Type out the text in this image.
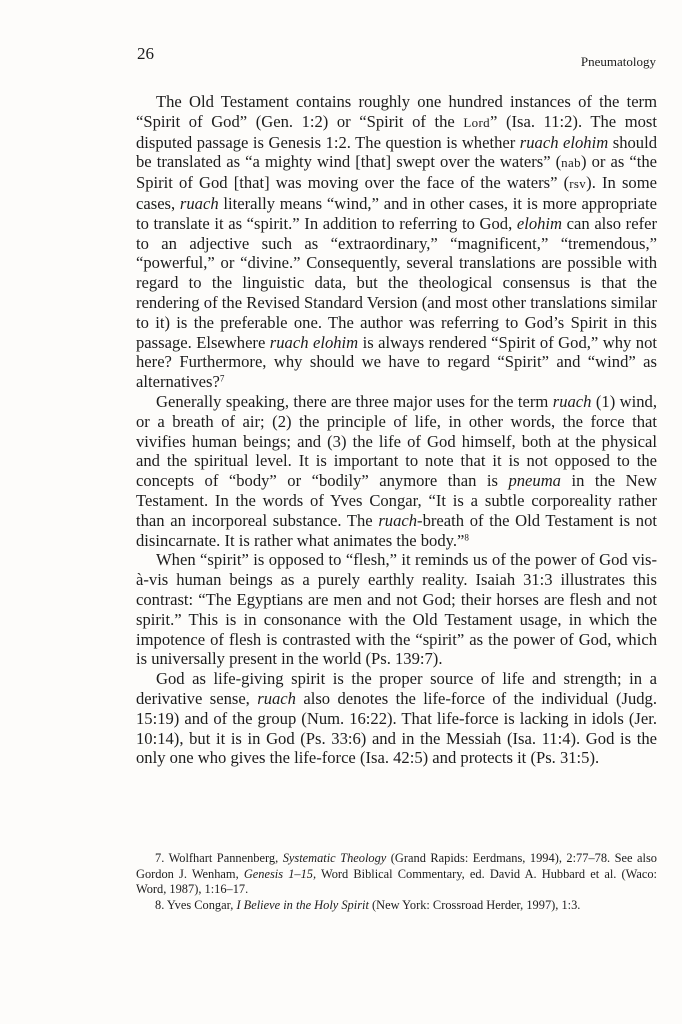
26	Pneumatology

The Old Testament contains roughly one hundred instances of the term “Spirit of God” (Gen. 1:2) or “Spirit of the Lord” (Isa. 11:2). The most disputed passage is Genesis 1:2. The question is whether ruach elohim should be translated as “a mighty wind [that] swept over the waters” (nab) or as “the Spirit of God [that] was moving over the face of the waters” (rsv). In some cases, ruach literally means “wind,” and in other cases, it is more appropriate to translate it as “spirit.” In addition to referring to God, elohim can also refer to an adjective such as “extraordinary,” “magnificent,” “tremendous,” “powerful,” or “divine.” Consequently, several translations are possible with regard to the linguistic data, but the theological consensus is that the rendering of the Revised Standard Version (and most other translations similar to it) is the preferable one. The author was referring to God’s Spirit in this passage. Elsewhere ruach elohim is always rendered “Spirit of God,” why not here? Furthermore, why should we have to regard “Spirit” and “wind” as alternatives?$^7$

Generally speaking, there are three major uses for the term ruach (1) wind, or a breath of air; (2) the principle of life, in other words, the force that vivifies human beings; and (3) the life of God himself, both at the physical and the spiritual level. It is important to note that it is not opposed to the concepts of “body” or “bodily” anymore than is pneuma in the New Testament. In the words of Yves Congar, “It is a subtle corporeality rather than an incorporeal substance. The ruach-breath of the Old Testament is not disincarnate. It is rather what animates the body.”$^8$

When “spirit” is opposed to “flesh,” it reminds us of the power of God vis-à-vis human beings as a purely earthly reality. Isaiah 31:3 illustrates this contrast: “The Egyptians are men and not God; their horses are flesh and not spirit.” This is in consonance with the Old Testament usage, in which the impotence of flesh is contrasted with the “spirit” as the power of God, which is universally present in the world (Ps. 139:7).

God as life-giving spirit is the proper source of life and strength; in a derivative sense, ruach also denotes the life-force of the individual (Judg. 15:19) and of the group (Num. 16:22). That life-force is lacking in idols (Jer. 10:14), but it is in God (Ps. 33:6) and in the Messiah (Isa. 11:4). God is the only one who gives the life-force (Isa. 42:5) and protects it (Ps. 31:5).

7. Wolfhart Pannenberg, Systematic Theology (Grand Rapids: Eerdmans, 1994), 2:77–78. See also Gordon J. Wenham, Genesis 1–15, Word Biblical Commentary, ed. David A. Hubbard et al. (Waco: Word, 1987), 1:16–17.

8. Yves Congar, I Believe in the Holy Spirit (New York: Crossroad Herder, 1997), 1:3.
